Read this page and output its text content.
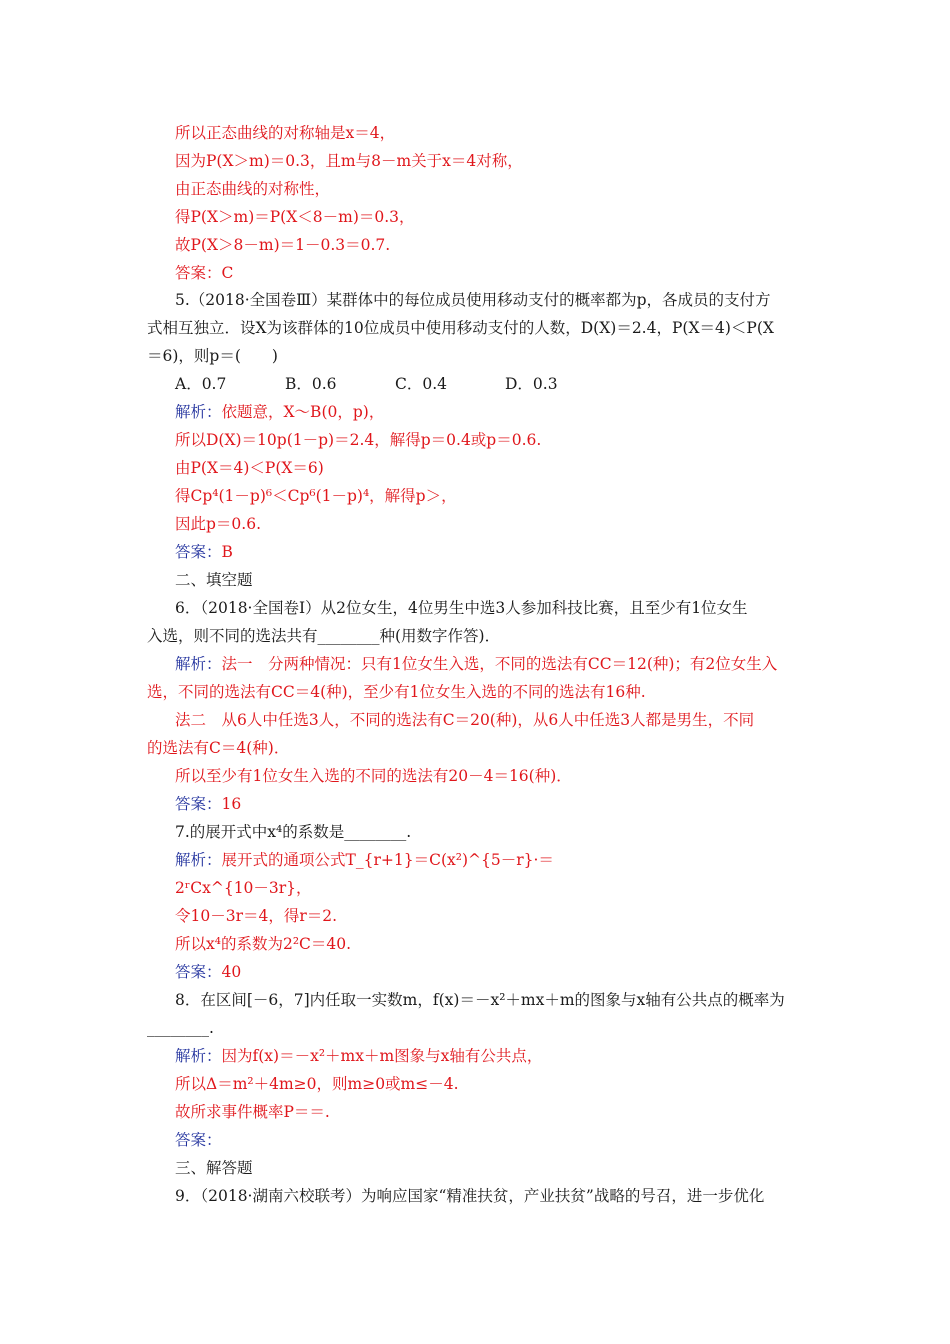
所以正态曲线的对称轴是x＝4，
因为P(X＞m)＝0.3，且m与8－m关于x＝4对称，
由正态曲线的对称性，
得P(X＞m)＝P(X＜8－m)＝0.3，
故P(X＞8－m)＝1－0.3＝0.7.
答案：C
5.（2018·全国卷Ⅲ）某群体中的每位成员使用移动支付的概率都为p，各成员的支付方
式相互独立．设X为该群体的10位成员中使用移动支付的人数，D(X)＝2.4，P(X＝4)＜P(X
＝6)，则p＝(　　)
A．0.7	B．0.6	C．0.4	D．0.3
解析：依题意，X～B(0，p)，
所以D(X)＝10p(1－p)＝2.4，解得p＝0.4或p＝0.6.
由P(X＝4)＜P(X＝6)
得Cp⁴(1－p)⁶＜Cp⁶(1－p)⁴，解得p＞，
因此p＝0.6.
答案：B
二、填空题
6．（2018·全国卷Ⅰ）从2位女生，4位男生中选3人参加科技比赛，且至少有1位女生
入选，则不同的选法共有________种(用数字作答)．
解析：法一　分两种情况：只有1位女生入选，不同的选法有CC＝12(种)；有2位女生入
选，不同的选法有CC＝4(种)，至少有1位女生入选的不同的选法有16种.
法二　从6人中任选3人，不同的选法有C＝20(种)，从6人中任选3人都是男生，不同
的选法有C＝4(种)．
所以至少有1位女生入选的不同的选法有20－4＝16(种)．
答案：16
7.的展开式中x⁴的系数是________.
解析：展开式的通项公式T_{r+1}＝C(x²)^{5－r}·＝
2ʳCx^{10－3r}，
令10－3r＝4，得r＝2.
所以x⁴的系数为2²C＝40.
答案：40
8．在区间[－6，7]内任取一实数m，f(x)＝－x²＋mx＋m的图象与x轴有公共点的概率为
________.
解析：因为f(x)＝－x²＋mx＋m图象与x轴有公共点，
所以Δ＝m²＋4m≥0，则m≥0或m≤－4.
故所求事件概率P＝＝.
答案：
三、解答题
9．（2018·湖南六校联考）为响应国家“精准扶贫，产业扶贫”战略的号召，进一步优化
